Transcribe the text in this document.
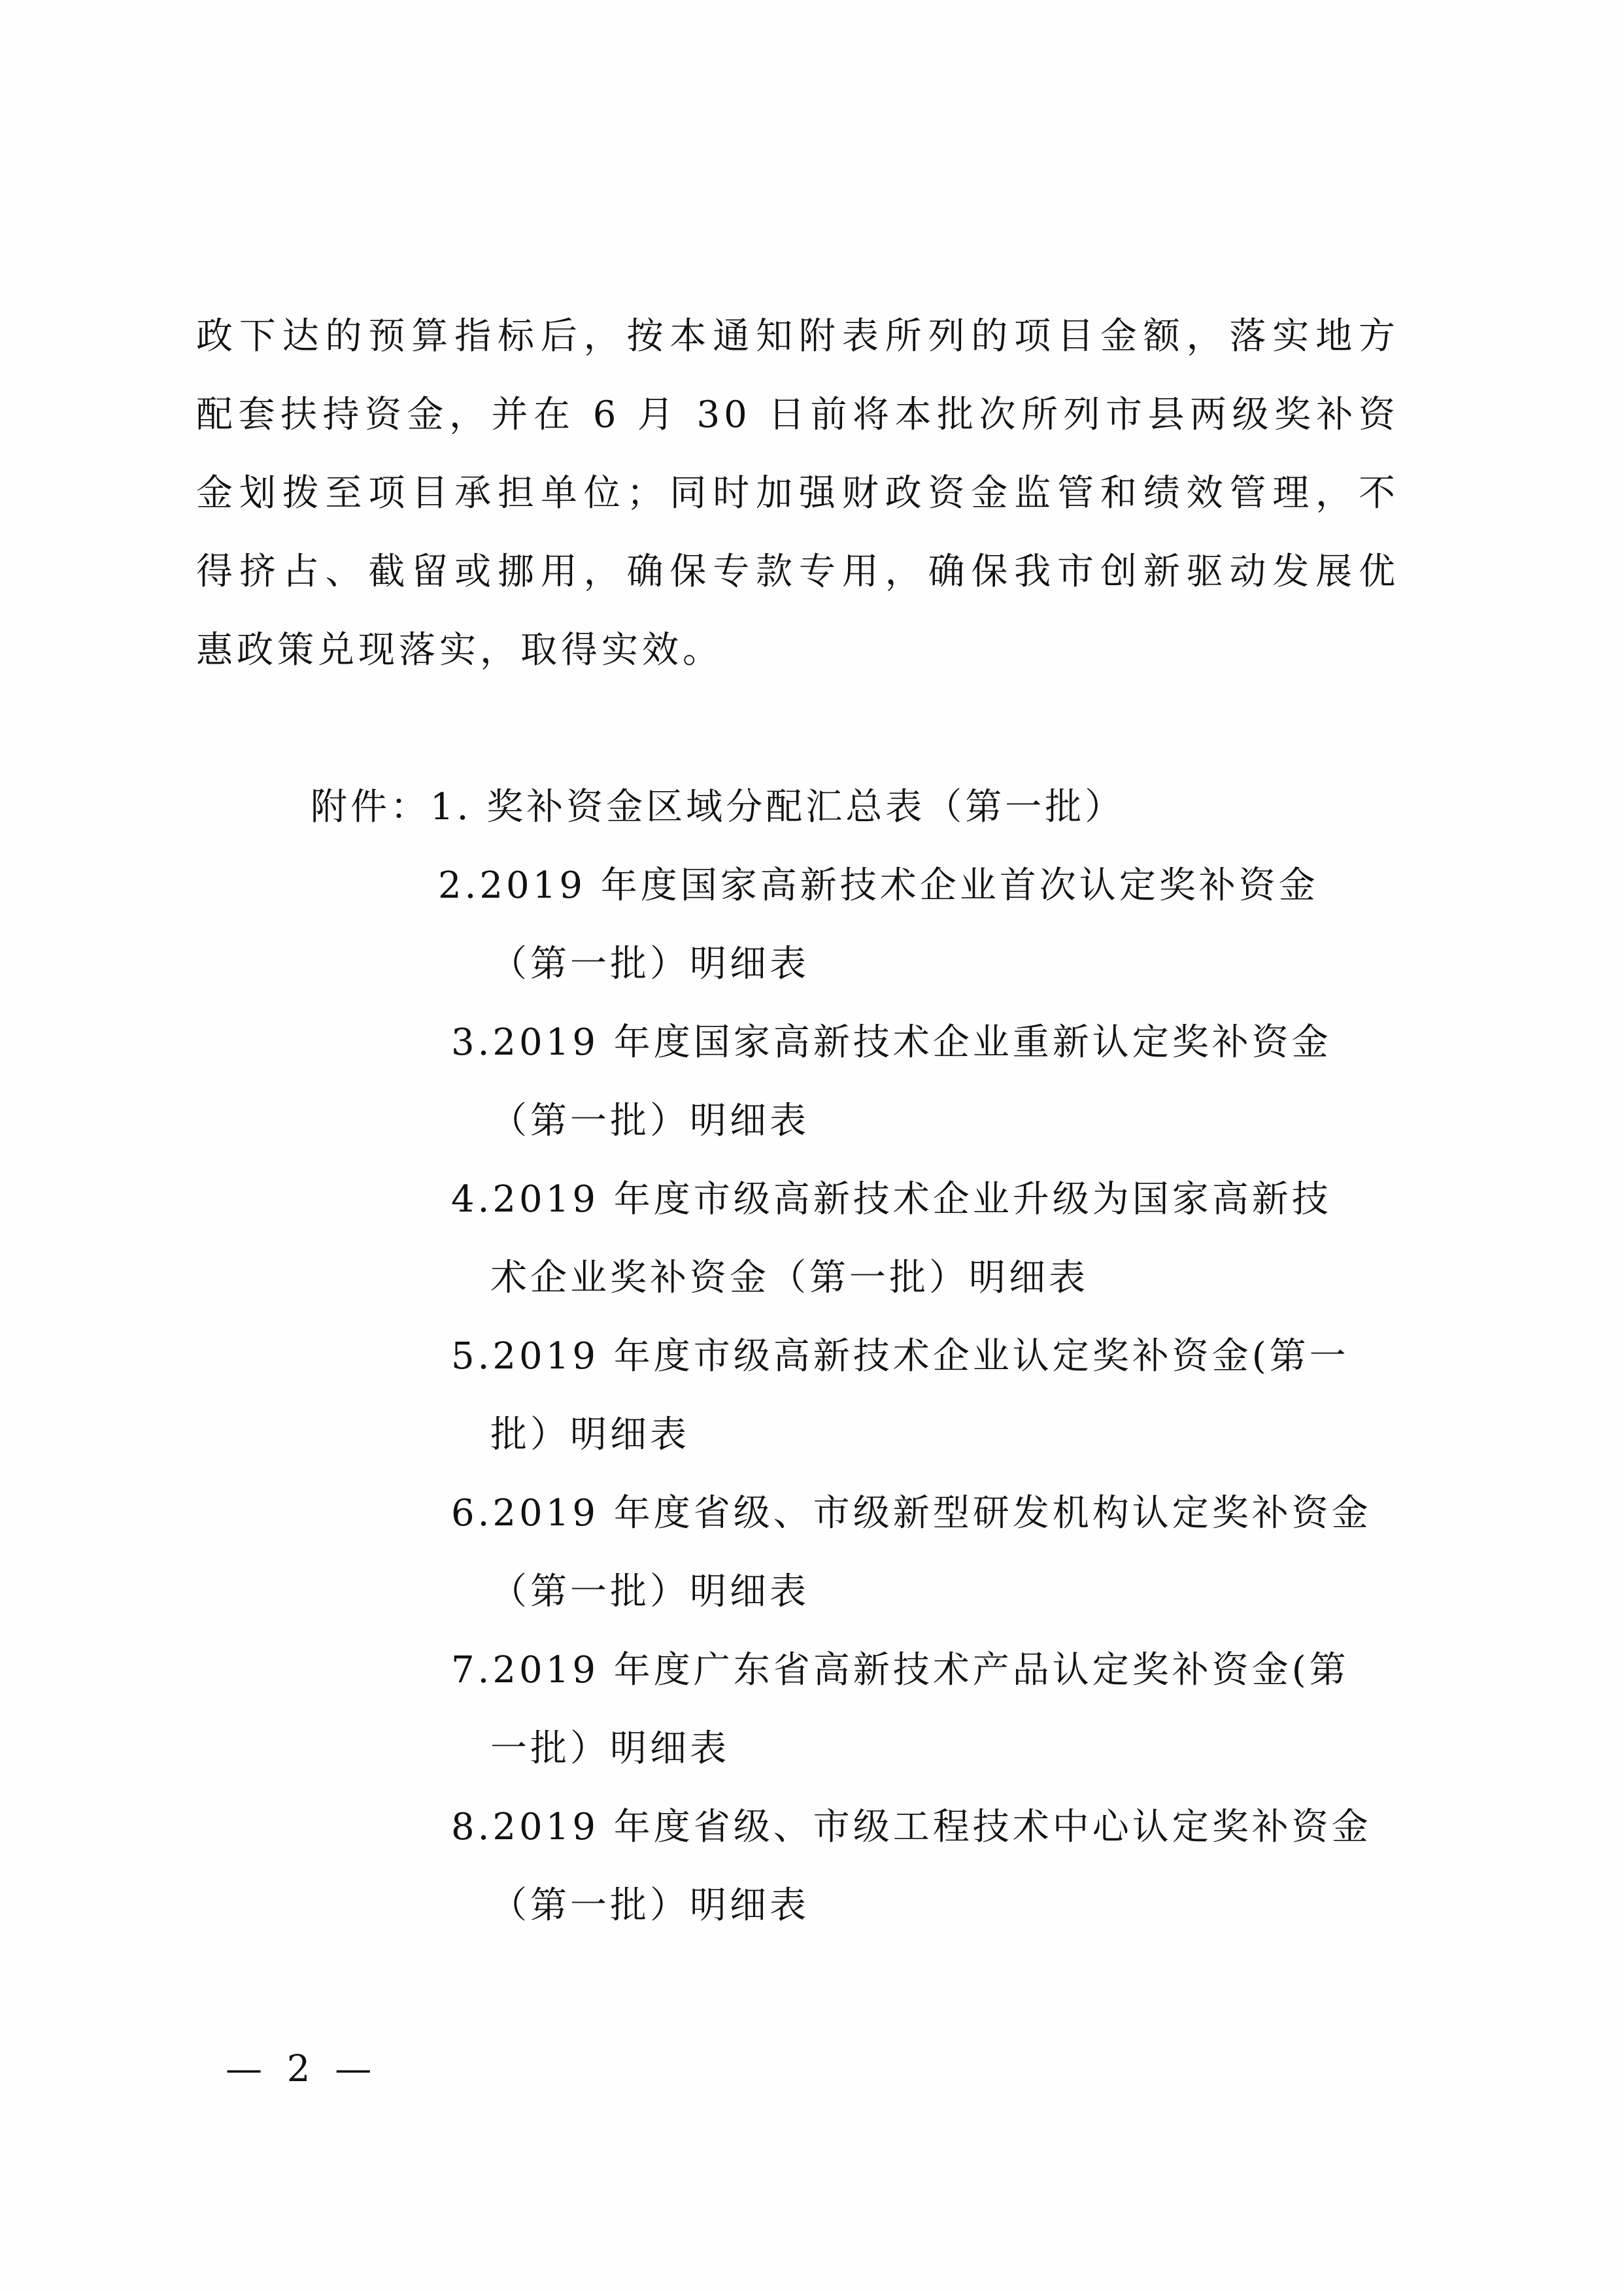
政下达的预算指标后，按本通知附表所列的项目金额，落实地方
配套扶持资金，并在 6 月 30 日前将本批次所列市县两级奖补资
金划拨至项目承担单位；同时加强财政资金监管和绩效管理，不
得挤占、截留或挪用，确保专款专用，确保我市创新驱动发展优
惠政策兑现落实，取得实效。
附件：1. 奖补资金区域分配汇总表（第一批）
2.2019 年度国家高新技术企业首次认定奖补资金
（第一批）明细表
3.2019 年度国家高新技术企业重新认定奖补资金
（第一批）明细表
4.2019 年度市级高新技术企业升级为国家高新技
术企业奖补资金（第一批）明细表
5.2019 年度市级高新技术企业认定奖补资金(第一
批）明细表
6.2019 年度省级、市级新型研发机构认定奖补资金
（第一批）明细表
7.2019 年度广东省高新技术产品认定奖补资金(第
一批）明细表
8.2019 年度省级、市级工程技术中心认定奖补资金
（第一批）明细表
— 2 —
